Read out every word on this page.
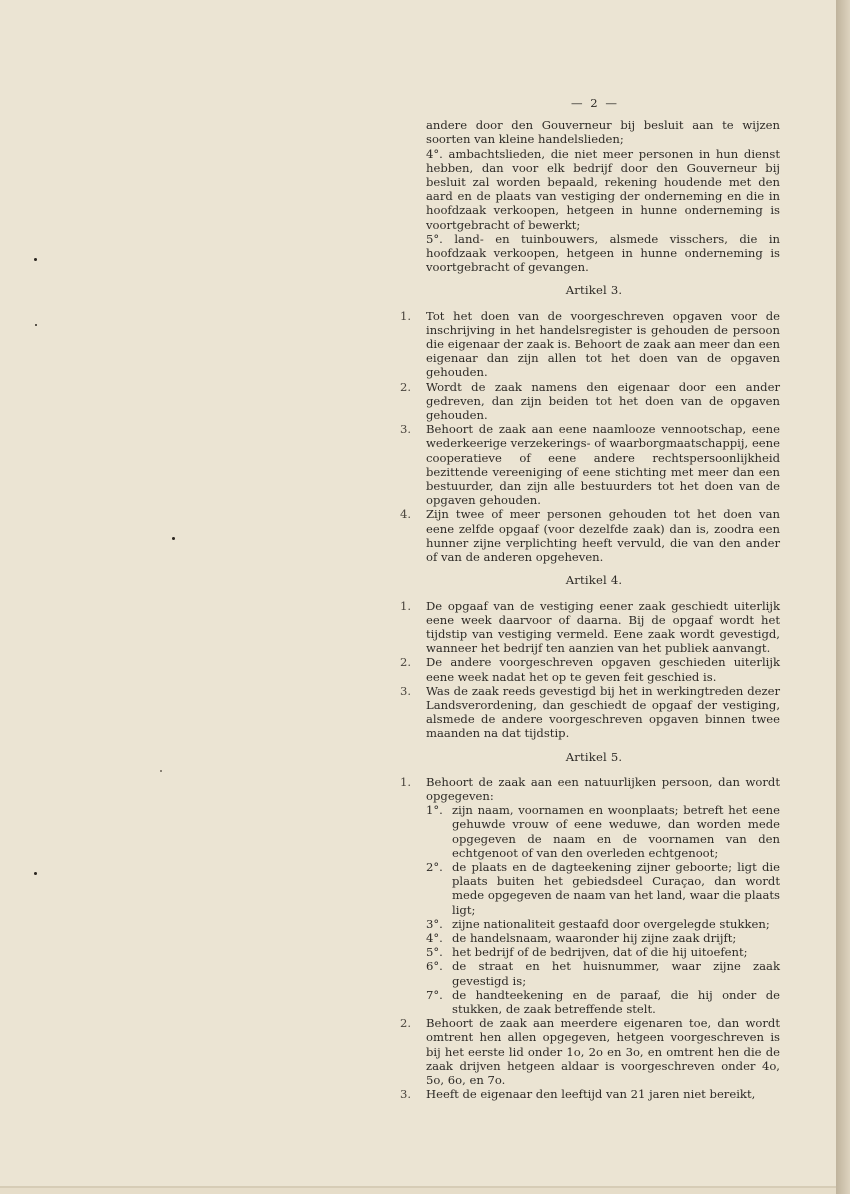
— 2 —
andere door den Gouverneur bij besluit aan te wijzen soorten van kleine handelslieden;
4°. ambachtslieden, die niet meer personen in hun dienst hebben, dan voor elk bedrijf door den Gouverneur bij besluit zal worden bepaald, rekening houdende met den aard en de plaats van vestiging der onderneming en die in hoofdzaak verkoopen, hetgeen in hunne onderneming is voortgebracht of bewerkt;
5°. land- en tuinbouwers, alsmede visschers, die in hoofdzaak verkoopen, hetgeen in hunne onderneming is voortgebracht of gevangen.
Artikel 3.
1.	Tot het doen van de voorgeschreven opgaven voor de inschrijving in het handelsregister is gehouden de persoon die eigenaar der zaak is. Behoort de zaak aan meer dan een eigenaar dan zijn allen tot het doen van de opgaven gehouden.
2.	Wordt de zaak namens den eigenaar door een ander gedreven, dan zijn beiden tot het doen van de opgaven gehouden.
3.	Behoort de zaak aan eene naamlooze vennootschap, eene wederkeerige verzekerings- of waarborgmaatschappij, eene cooperatieve of eene andere rechtspersoonlijkheid bezittende vereeniging of eene stichting met meer dan een bestuurder, dan zijn alle bestuurders tot het doen van de opgaven gehouden.
4.	Zijn twee of meer personen gehouden tot het doen van eene zelfde opgaaf (voor dezelfde zaak) dan is, zoodra een hunner zijne verplichting heeft vervuld, die van den ander of van de anderen opgeheven.
Artikel 4.
1.	De opgaaf van de vestiging eener zaak geschiedt uiterlijk eene week daarvoor of daarna. Bij de opgaaf wordt het tijdstip van vestiging vermeld. Eene zaak wordt gevestigd, wanneer het bedrijf ten aanzien van het publiek aanvangt.
2.	De andere voorgeschreven opgaven geschieden uiterlijk eene week nadat het op te geven feit geschied is.
3.	Was de zaak reeds gevestigd bij het in werkingtreden dezer Landsverordening, dan geschiedt de opgaaf der vestiging, alsmede de andere voorgeschreven opgaven binnen twee maanden na dat tijdstip.
Artikel 5.
1.	Behoort de zaak aan een natuurlijken persoon, dan wordt opgegeven:
1°. zijn naam, voornamen en woonplaats; betreft het eene gehuwde vrouw of eene weduwe, dan worden mede opgegeven de naam en de voornamen van den echtgenoot of van den overleden echtgenoot;
2°. de plaats en de dagteekening zijner geboorte; ligt die plaats buiten het gebiedsdeel Curaçao, dan wordt mede opgegeven de naam van het land, waar die plaats ligt;
3°. zijne nationaliteit gestaafd door overgelegde stukken;
4°. de handelsnaam, waaronder hij zijne zaak drijft;
5°. het bedrijf of de bedrijven, dat of die hij uitoefent;
6°. de straat en het huisnummer, waar zijne zaak gevestigd is;
7°. de handteekening en de paraaf, die hij onder de stukken, de zaak betreffende stelt.
2.	Behoort de zaak aan meerdere eigenaren toe, dan wordt omtrent hen allen opgegeven, hetgeen voorgeschreven is bij het eerste lid onder 1o, 2o en 3o, en omtrent hen die de zaak drijven hetgeen aldaar is voorgeschreven onder 4o, 5o, 6o, en 7o.
3.	Heeft de eigenaar den leeftijd van 21 jaren niet bereikt,
